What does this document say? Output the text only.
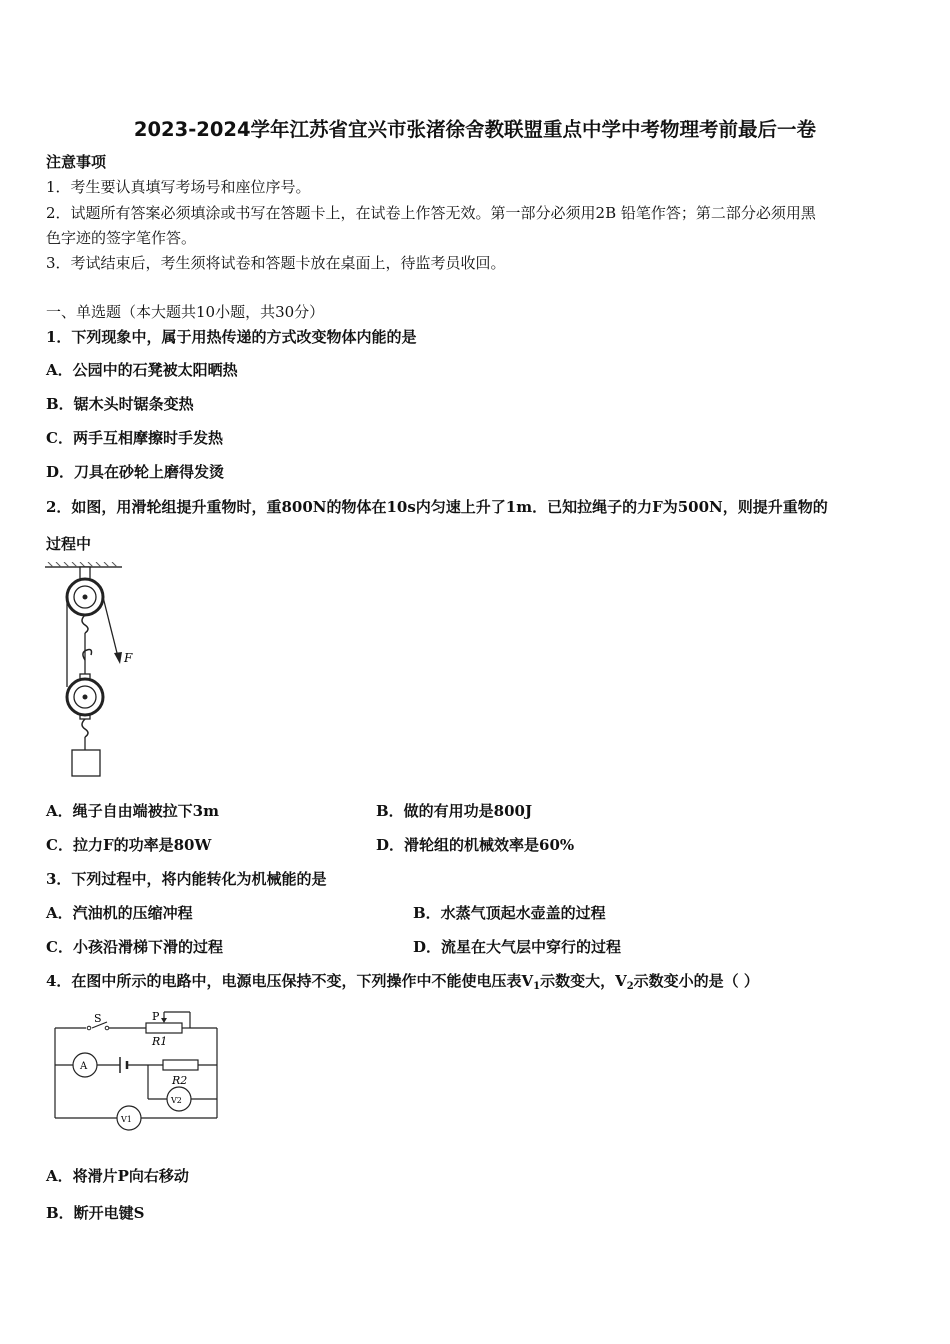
2023-2024学年江苏省宜兴市张渚徐舍教联盟重点中学中考物理考前最后一卷
注意事项
1．考生要认真填写考场号和座位序号。
2．试题所有答案必须填涂或书写在答题卡上，在试卷上作答无效。第一部分必须用2B 铅笔作答；第二部分必须用黑
色字迹的签字笔作答。
3．考试结束后，考生须将试卷和答题卡放在桌面上，待监考员收回。
一、单选题（本大题共10小题，共30分）
1．下列现象中，属于用热传递的方式改变物体内能的是
A．公园中的石凳被太阳晒热
B．锯木头时锯条变热
C．两手互相摩擦时手发热
D．刀具在砂轮上磨得发烫
2．如图，用滑轮组提升重物时，重800N的物体在10s内匀速上升了1m．已知拉绳子的力F为500N，则提升重物的
过程中
F
A．绳子自由端被拉下3m	B．做的有用功是800J
C．拉力F的功率是80W	D．滑轮组的机械效率是60%
3．下列过程中，将内能转化为机械能的是
A．汽油机的压缩冲程	B．水蒸气顶起水壶盖的过程
C．小孩沿滑梯下滑的过程	D．流星在大气层中穿行的过程
4．在图中所示的电路中，电源电压保持不变，下列操作中不能使电压表$V_1$示数变大，$V_2$示数变小的是（ ）
S	P
R1
R2
A
V2
V1
A．将滑片P向右移动
B．断开电键S
